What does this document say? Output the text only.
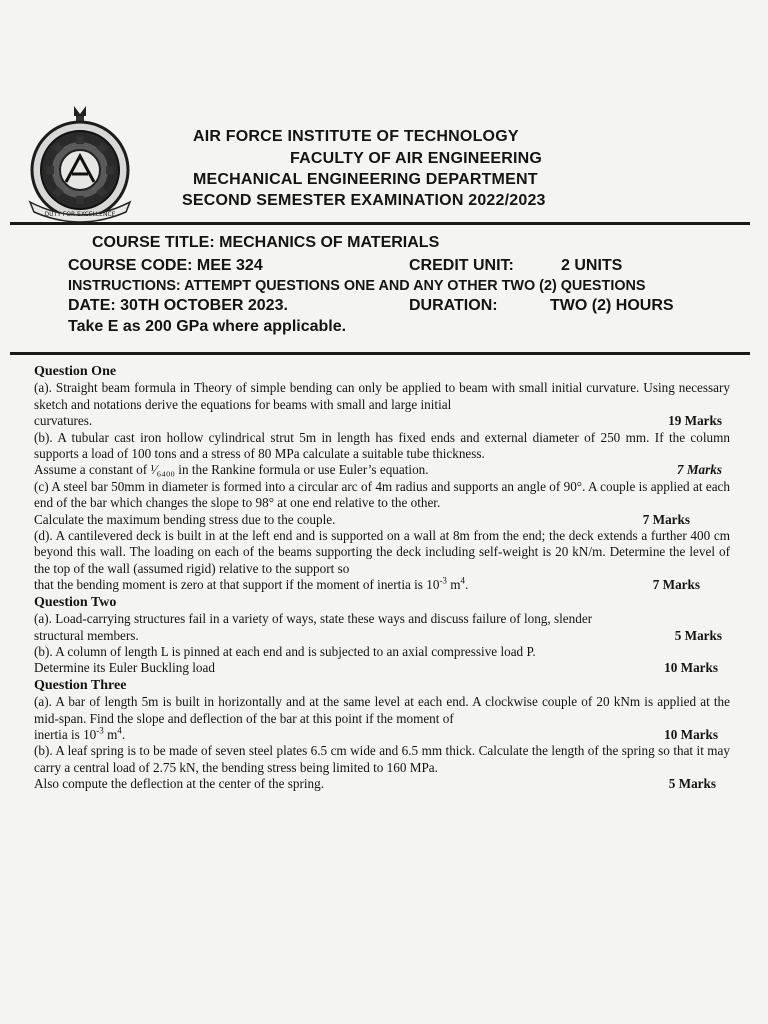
DUTY FOR EXCELLENCE
AIR FORCE INSTITUTE OF TECHNOLOGY
FACULTY OF AIR ENGINEERING
MECHANICAL ENGINEERING DEPARTMENT
SECOND SEMESTER EXAMINATION 2022/2023
COURSE TITLE: MECHANICS OF MATERIALS
COURSE CODE: MEE 324	CREDIT UNIT:	2 UNITS
INSTRUCTIONS: ATTEMPT QUESTIONS ONE AND ANY OTHER TWO (2) QUESTIONS
DATE: 30TH OCTOBER 2023.	DURATION:	TWO (2) HOURS
Take E as 200 GPa where applicable.
Question One
(a). Straight beam formula in Theory of simple bending can only be applied to beam with small initial curvature. Using necessary sketch and notations derive the equations for beams with small and large initial
curvatures.	19 Marks
(b). A tubular cast iron hollow cylindrical strut 5m in length has fixed ends and external diameter of 250 mm. If the column supports a load of 100 tons and a stress of 80 MPa calculate a suitable tube thickness.
Assume a constant of ¹⁄₆₄₀₀ in the Rankine formula or use Euler’s equation.	7 Marks
(c) A steel bar 50mm in diameter is formed into a circular arc of 4m radius and supports an angle of 90°. A couple is applied at each end of the bar which changes the slope to 98° at one end relative to the other.
Calculate the maximum bending stress due to the couple.	7 Marks
(d). A cantilevered deck is built in at the left end and is supported on a wall at 8m from the end; the deck extends a further 400 cm beyond this wall. The loading on each of the beams supporting the deck including self-weight is 20 kN/m. Determine the level of the top of the wall (assumed rigid) relative to the support so
that the bending moment is zero at that support if the moment of inertia is $10^{-3}$ $m^4$.	7 Marks
Question Two
(a). Load-carrying structures fail in a variety of ways, state these ways and discuss failure of long, slender
structural members.	5 Marks
(b). A column of length L is pinned at each end and is subjected to an axial compressive load P.
Determine its Euler Buckling load	10 Marks
Question Three
(a). A bar of length 5m is built in horizontally and at the same level at each end. A clockwise couple of 20 kNm is applied at the mid-span. Find the slope and deflection of the bar at this point if the moment of
inertia is $10^{-3}$ $m^4$.	10 Marks
(b). A leaf spring is to be made of seven steel plates 6.5 cm wide and 6.5 mm thick. Calculate the length of the spring so that it may carry a central load of 2.75 kN, the bending stress being limited to 160 MPa.
Also compute the deflection at the center of the spring.	5 Marks
